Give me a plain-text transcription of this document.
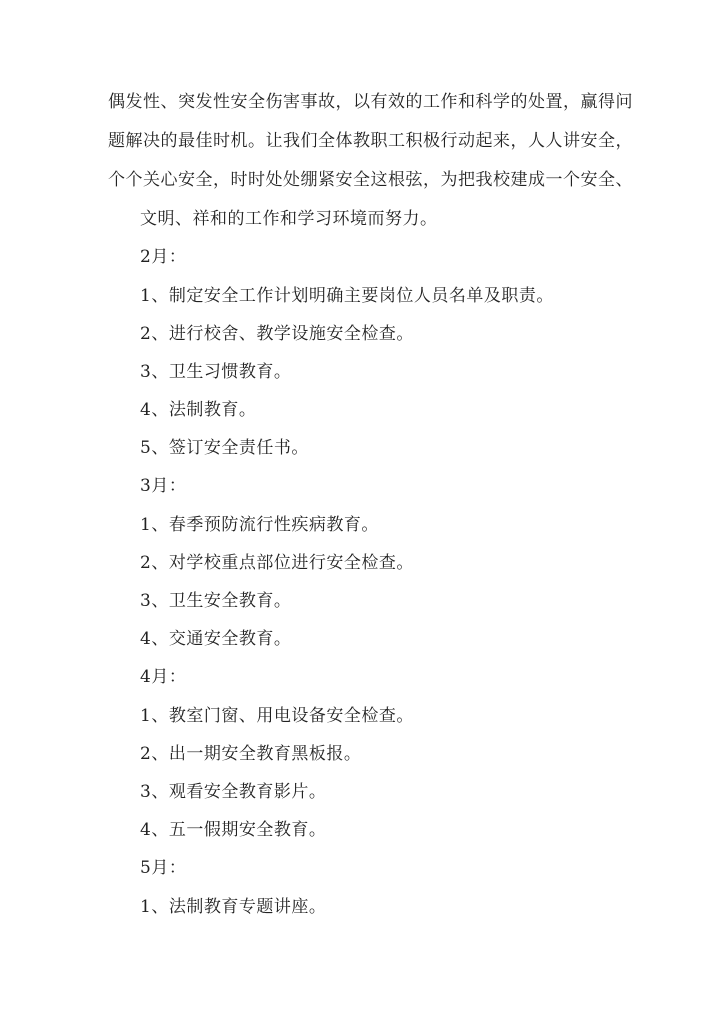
偶发性、突发性安全伤害事故，以有效的工作和科学的处置，赢得问
题解决的最佳时机。让我们全体教职工积极行动起来，人人讲安全，
个个关心安全，时时处处绷紧安全这根弦，为把我校建成一个安全、
文明、祥和的工作和学习环境而努力。
2月：
1、制定安全工作计划明确主要岗位人员名单及职责。
2、进行校舍、教学设施安全检查。
3、卫生习惯教育。
4、法制教育。
5、签订安全责任书。
3月：
1、春季预防流行性疾病教育。
2、对学校重点部位进行安全检查。
3、卫生安全教育。
4、交通安全教育。
4月：
1、教室门窗、用电设备安全检查。
2、出一期安全教育黑板报。
3、观看安全教育影片。
4、五一假期安全教育。
5月：
1、法制教育专题讲座。
